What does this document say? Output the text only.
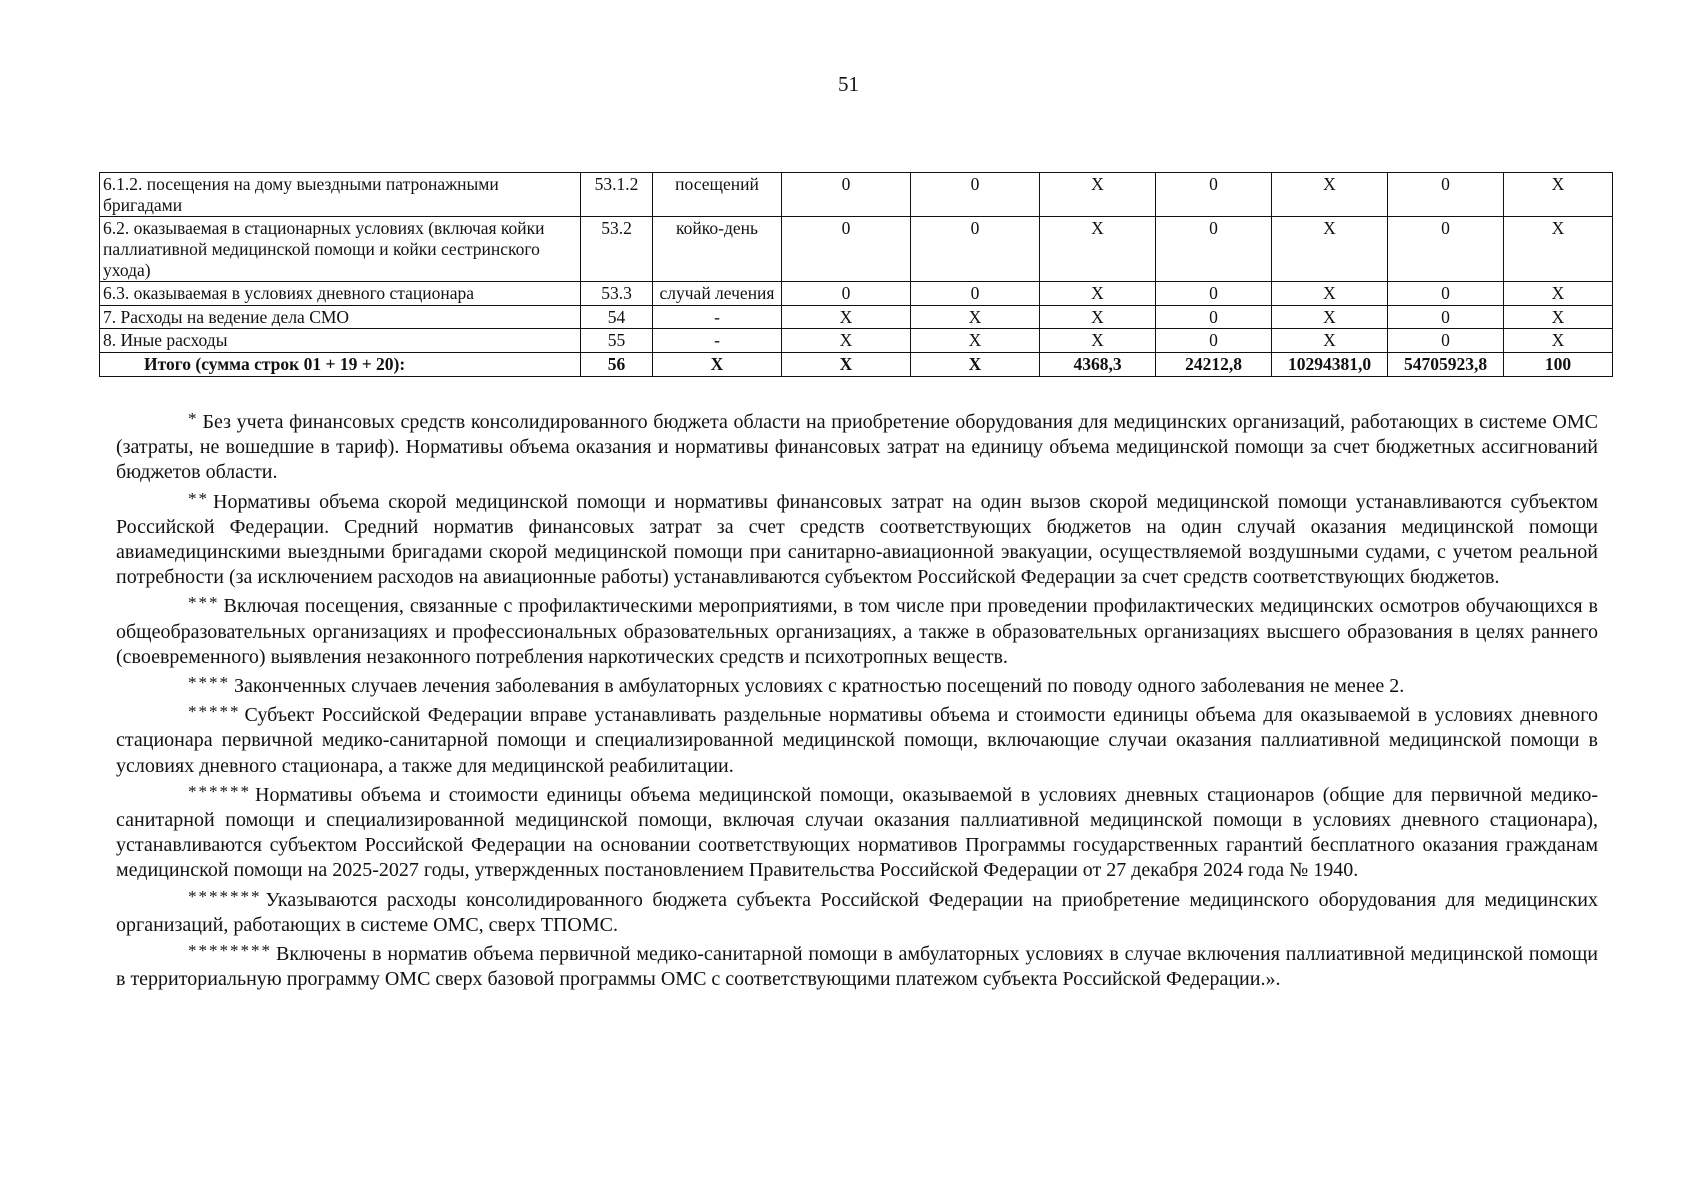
51
6.1.2. посещения на дому выездными патронажными бригадами	53.1.2	посещений	0	0	X	0	X	0	X
6.2. оказываемая в стационарных условиях (включая койки паллиативной медицинской помощи и койки сестринского ухода)	53.2	койко-день	0	0	X	0	X	0	X
6.3. оказываемая в условиях дневного стационара	53.3	случай лечения	0	0	X	0	X	0	X
7. Расходы на ведение дела СМО	54	-	X	X	X	0	X	0	X
8. Иные расходы	55	-	X	X	X	0	X	0	X
Итого (сумма строк 01 + 19 + 20):	56	X	X	X	4368,3	24212,8	10294381,0	54705923,8	100

* Без учета финансовых средств консолидированного бюджета области на приобретение оборудования для медицинских организаций, работающих в системе ОМС (затраты, не вошедшие в тариф). Нормативы объема оказания и нормативы финансовых затрат на единицу объема медицинской помощи за счет бюджетных ассигнований бюджетов области.

** Нормативы объема скорой медицинской помощи и нормативы финансовых затрат на один вызов скорой медицинской помощи устанавливаются субъектом Российской Федерации. Средний норматив финансовых затрат за счет средств соответствующих бюджетов на один случай оказания медицинской помощи авиамедицинскими выездными бригадами скорой медицинской помощи при санитарно-авиационной эвакуации, осуществляемой воздушными судами, с учетом реальной потребности (за исключением расходов на авиационные работы) устанавливаются субъектом Российской Федерации за счет средств соответствующих бюджетов.

*** Включая посещения, связанные с профилактическими мероприятиями, в том числе при проведении профилактических медицинских осмотров обучающихся в общеобразовательных организациях и профессиональных образовательных организациях, а также в образовательных организациях высшего образования в целях раннего (своевременного) выявления незаконного потребления наркотических средств и психотропных веществ.

**** Законченных случаев лечения заболевания в амбулаторных условиях с кратностью посещений по поводу одного заболевания не менее 2.

***** Субъект Российской Федерации вправе устанавливать раздельные нормативы объема и стоимости единицы объема для оказываемой в условиях дневного стационара первичной медико-санитарной помощи и специализированной медицинской помощи, включающие случаи оказания паллиативной медицинской помощи в условиях дневного стационара, а также для медицинской реабилитации.

****** Нормативы объема и стоимости единицы объема медицинской помощи, оказываемой в условиях дневных стационаров (общие для первичной медико-санитарной помощи и специализированной медицинской помощи, включая случаи оказания паллиативной медицинской помощи в условиях дневного стационара), устанавливаются субъектом Российской Федерации на основании соответствующих нормативов Программы государственных гарантий бесплатного оказания гражданам медицинской помощи на 2025-2027 годы, утвержденных постановлением Правительства Российской Федерации от 27 декабря 2024 года № 1940.

******* Указываются расходы консолидированного бюджета субъекта Российской Федерации на приобретение медицинского оборудования для медицинских организаций, работающих в системе ОМС, сверх ТПОМС.

******** Включены в норматив объема первичной медико-санитарной помощи в амбулаторных условиях в случае включения паллиативной медицинской помощи в территориальную программу ОМС сверх базовой программы ОМС с соответствующими платежом субъекта Российской Федерации.».
